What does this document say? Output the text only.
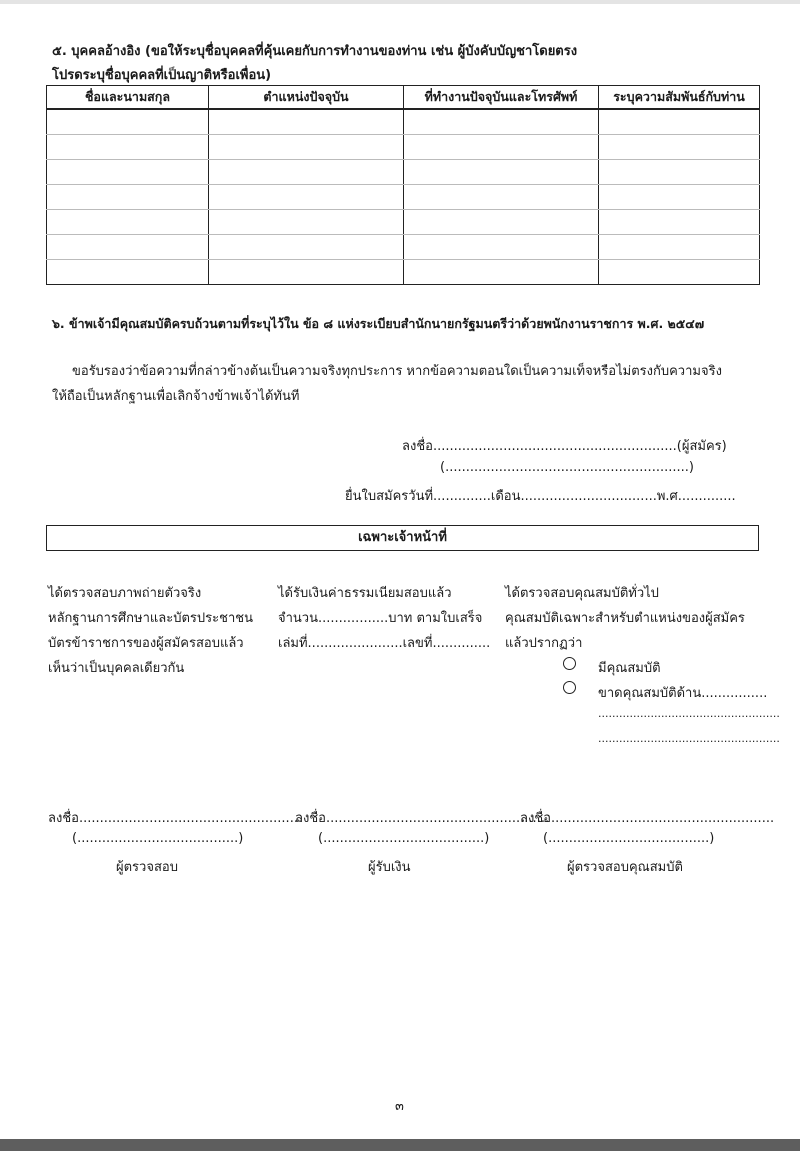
๕. บุคคลอ้างอิง (ขอให้ระบุชื่อบุคคลที่คุ้นเคยกับการทำงานของท่าน เช่น ผู้บังคับบัญชาโดยตรง
โปรดระบุชื่อบุคคลที่เป็นญาติหรือเพื่อน)
ชื่อและนามสกุล	ตำแหน่งปัจจุบัน	ที่ทำงานปัจจุบันและโทรศัพท์	ระบุความสัมพันธ์กับท่าน

๖. ข้าพเจ้ามีคุณสมบัติครบถ้วนตามที่ระบุไว้ใน ข้อ ๘ แห่งระเบียบสำนักนายกรัฐมนตรีว่าด้วยพนักงานราชการ พ.ศ. ๒๕๔๗
ขอรับรองว่าข้อความที่กล่าวข้างต้นเป็นความจริงทุกประการ หากข้อความตอนใดเป็นความเท็จหรือไม่ตรงกับความจริง
ให้ถือเป็นหลักฐานเพื่อเลิกจ้างข้าพเจ้าได้ทันที
ลงชื่อ...........................................................(ผู้สมัคร)
(...........................................................)
ยื่นใบสมัครวันที่..............เดือน.................................พ.ศ..............
เฉพาะเจ้าหน้าที่
ได้ตรวจสอบภาพถ่ายตัวจริง
หลักฐานการศึกษาและบัตรประชาชน
บัตรข้าราชการของผู้สมัครสอบแล้ว
เห็นว่าเป็นบุคคลเดียวกัน
ได้รับเงินค่าธรรมเนียมสอบแล้ว
จำนวน.................บาท ตามใบเสร็จ
เล่มที่.......................เลขที่..............
ได้ตรวจสอบคุณสมบัติทั่วไป
คุณสมบัติเฉพาะสำหรับตำแหน่งของผู้สมัคร
แล้วปรากฏว่า
มีคุณสมบัติ
ขาดคุณสมบัติด้าน................
....................................................
....................................................
ลงชื่อ......................................................
(.......................................)
ผู้ตรวจสอบ
ลงชื่อ......................................................
(.......................................)
ผู้รับเงิน
ลงชื่อ......................................................
(.......................................)
ผู้ตรวจสอบคุณสมบัติ
๓
